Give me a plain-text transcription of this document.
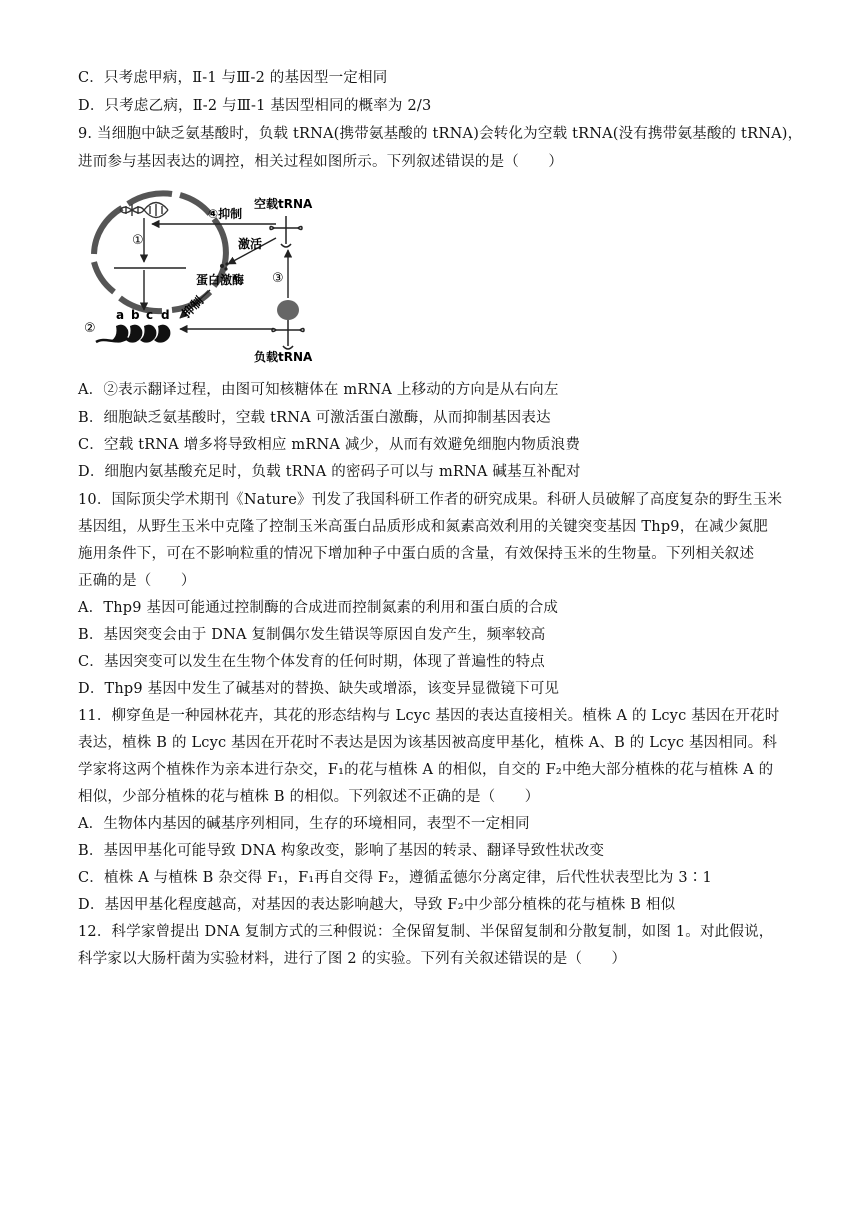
C．只考虑甲病，Ⅱ-1 与Ⅲ-2 的基因型一定相同
D．只考虑乙病，Ⅱ-2 与Ⅲ-1 基因型相同的概率为 2/3
9. 当细胞中缺乏氨基酸时，负载 tRNA(携带氨基酸的 tRNA)会转化为空载 tRNA(没有携带氨基酸的 tRNA)，
进而参与基因表达的调控，相关过程如图所示。下列叙述错误的是（　　）
①
④抑制
空载tRNA
激活
蛋白激酶 ③
负载tRNA
抑制
②
a b c d
A．②表示翻译过程，由图可知核糖体在 mRNA 上移动的方向是从右向左
B．细胞缺乏氨基酸时，空载 tRNA 可激活蛋白激酶，从而抑制基因表达
C．空载 tRNA 增多将导致相应 mRNA 减少，从而有效避免细胞内物质浪费
D．细胞内氨基酸充足时，负载 tRNA 的密码子可以与 mRNA 碱基互补配对
10．国际顶尖学术期刊《Nature》刊发了我国科研工作者的研究成果。科研人员破解了高度复杂的野生玉米
基因组，从野生玉米中克隆了控制玉米高蛋白品质形成和氮素高效利用的关键突变基因 Thp9，在减少氮肥
施用条件下，可在不影响粒重的情况下增加种子中蛋白质的含量，有效保持玉米的生物量。下列相关叙述
正确的是（　　）
A．Thp9 基因可能通过控制酶的合成进而控制氮素的利用和蛋白质的合成
B．基因突变会由于 DNA 复制偶尔发生错误等原因自发产生，频率较高
C．基因突变可以发生在生物个体发育的任何时期，体现了普遍性的特点
D．Thp9 基因中发生了碱基对的替换、缺失或增添，该变异显微镜下可见
11．柳穿鱼是一种园林花卉，其花的形态结构与 Lcyc 基因的表达直接相关。植株 A 的 Lcyc 基因在开花时
表达，植株 B 的 Lcyc 基因在开花时不表达是因为该基因被高度甲基化，植株 A、B 的 Lcyc 基因相同。科
学家将这两个植株作为亲本进行杂交，F₁的花与植株 A 的相似，自交的 F₂中绝大部分植株的花与植株 A 的
相似，少部分植株的花与植株 B 的相似。下列叙述不正确的是（　　）
A．生物体内基因的碱基序列相同，生存的环境相同，表型不一定相同
B．基因甲基化可能导致 DNA 构象改变，影响了基因的转录、翻译导致性状改变
C．植株 A 与植株 B 杂交得 F₁，F₁再自交得 F₂，遵循孟德尔分离定律，后代性状表型比为 3∶1
D．基因甲基化程度越高，对基因的表达影响越大，导致 F₂中少部分植株的花与植株 B 相似
12．科学家曾提出 DNA 复制方式的三种假说：全保留复制、半保留复制和分散复制，如图 1。对此假说，
科学家以大肠杆菌为实验材料，进行了图 2 的实验。下列有关叙述错误的是（　　）
